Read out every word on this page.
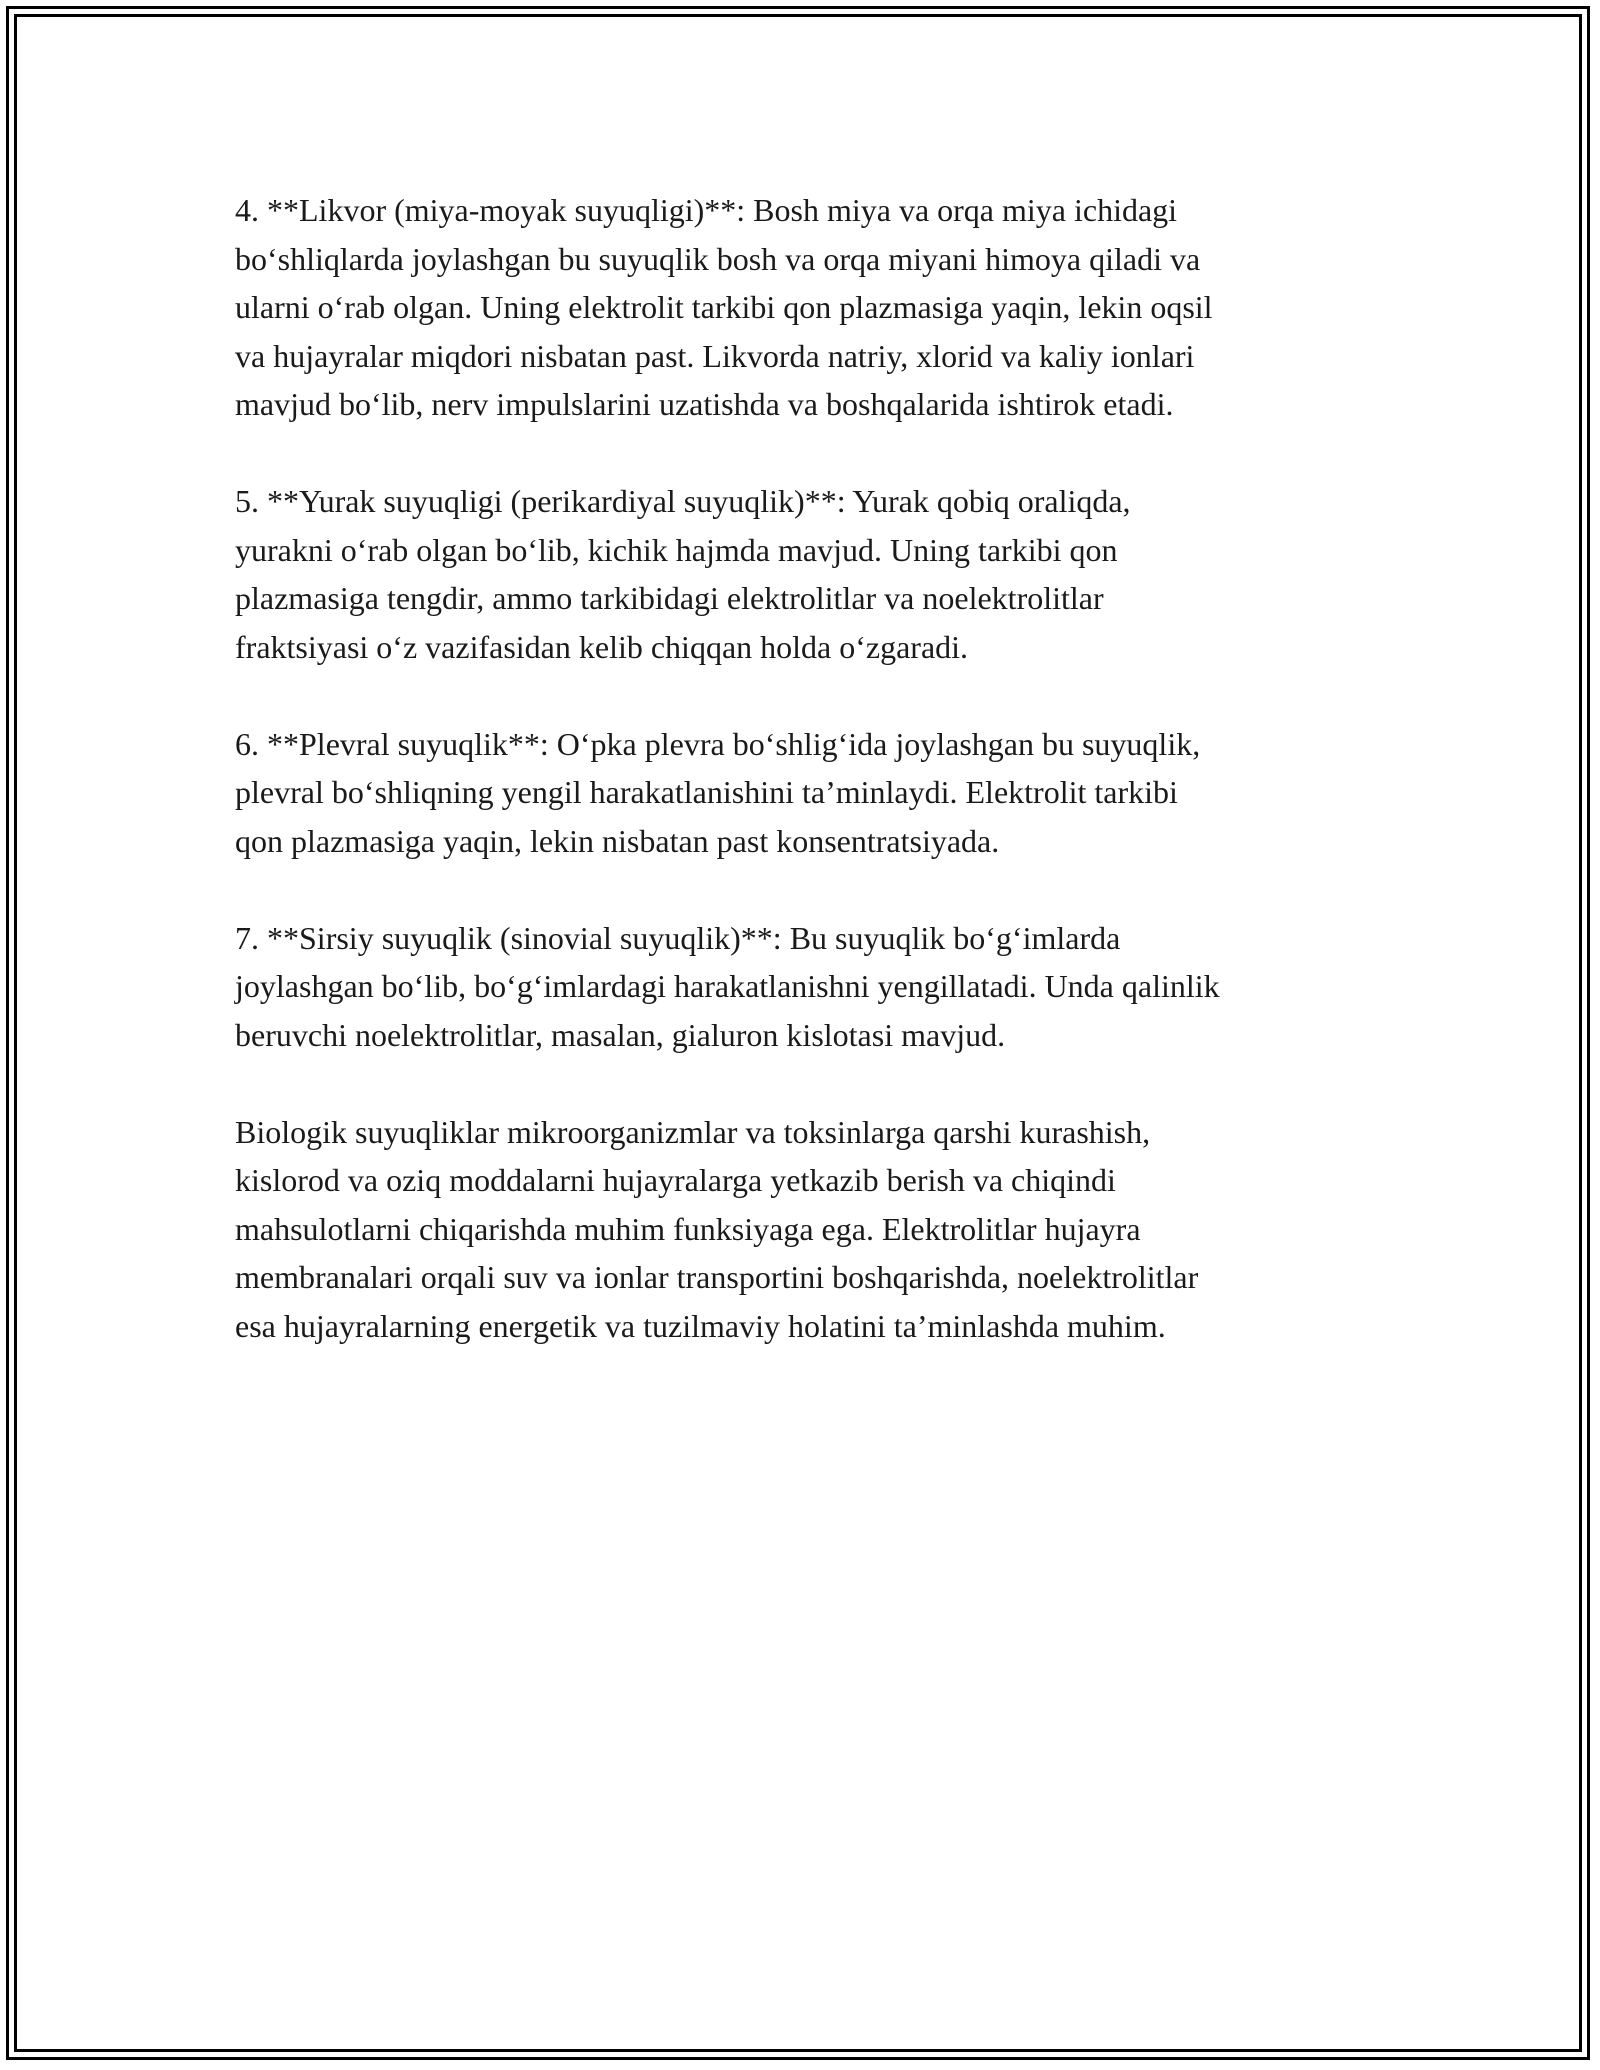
4. **Likvor (miya-moyak suyuqligi)**: Bosh miya va orqa miya ichidagi
bo‘shliqlarda joylashgan bu suyuqlik bosh va orqa miyani himoya qiladi va
ularni o‘rab olgan. Uning elektrolit tarkibi qon plazmasiga yaqin, lekin oqsil
va hujayralar miqdori nisbatan past. Likvorda natriy, xlorid va kaliy ionlari
mavjud bo‘lib, nerv impulslarini uzatishda va boshqalarida ishtirok etadi.

5. **Yurak suyuqligi (perikardiyal suyuqlik)**: Yurak qobiq oraliqda,
yurakni o‘rab olgan bo‘lib, kichik hajmda mavjud. Uning tarkibi qon
plazmasiga tengdir, ammo tarkibidagi elektrolitlar va noelektrolitlar
fraktsiyasi o‘z vazifasidan kelib chiqqan holda o‘zgaradi.

6. **Plevral suyuqlik**: O‘pka plevra bo‘shlig‘ida joylashgan bu suyuqlik,
plevral bo‘shliqning yengil harakatlanishini ta’minlaydi. Elektrolit tarkibi
qon plazmasiga yaqin, lekin nisbatan past konsentratsiyada.

7. **Sirsiy suyuqlik (sinovial suyuqlik)**: Bu suyuqlik bo‘g‘imlarda
joylashgan bo‘lib, bo‘g‘imlardagi harakatlanishni yengillatadi. Unda qalinlik
beruvchi noelektrolitlar, masalan, gialuron kislotasi mavjud.

Biologik suyuqliklar mikroorganizmlar va toksinlarga qarshi kurashish,
kislorod va oziq moddalarni hujayralarga yetkazib berish va chiqindi
mahsulotlarni chiqarishda muhim funksiyaga ega. Elektrolitlar hujayra
membranalari orqali suv va ionlar transportini boshqarishda, noelektrolitlar
esa hujayralarning energetik va tuzilmaviy holatini ta’minlashda muhim.
